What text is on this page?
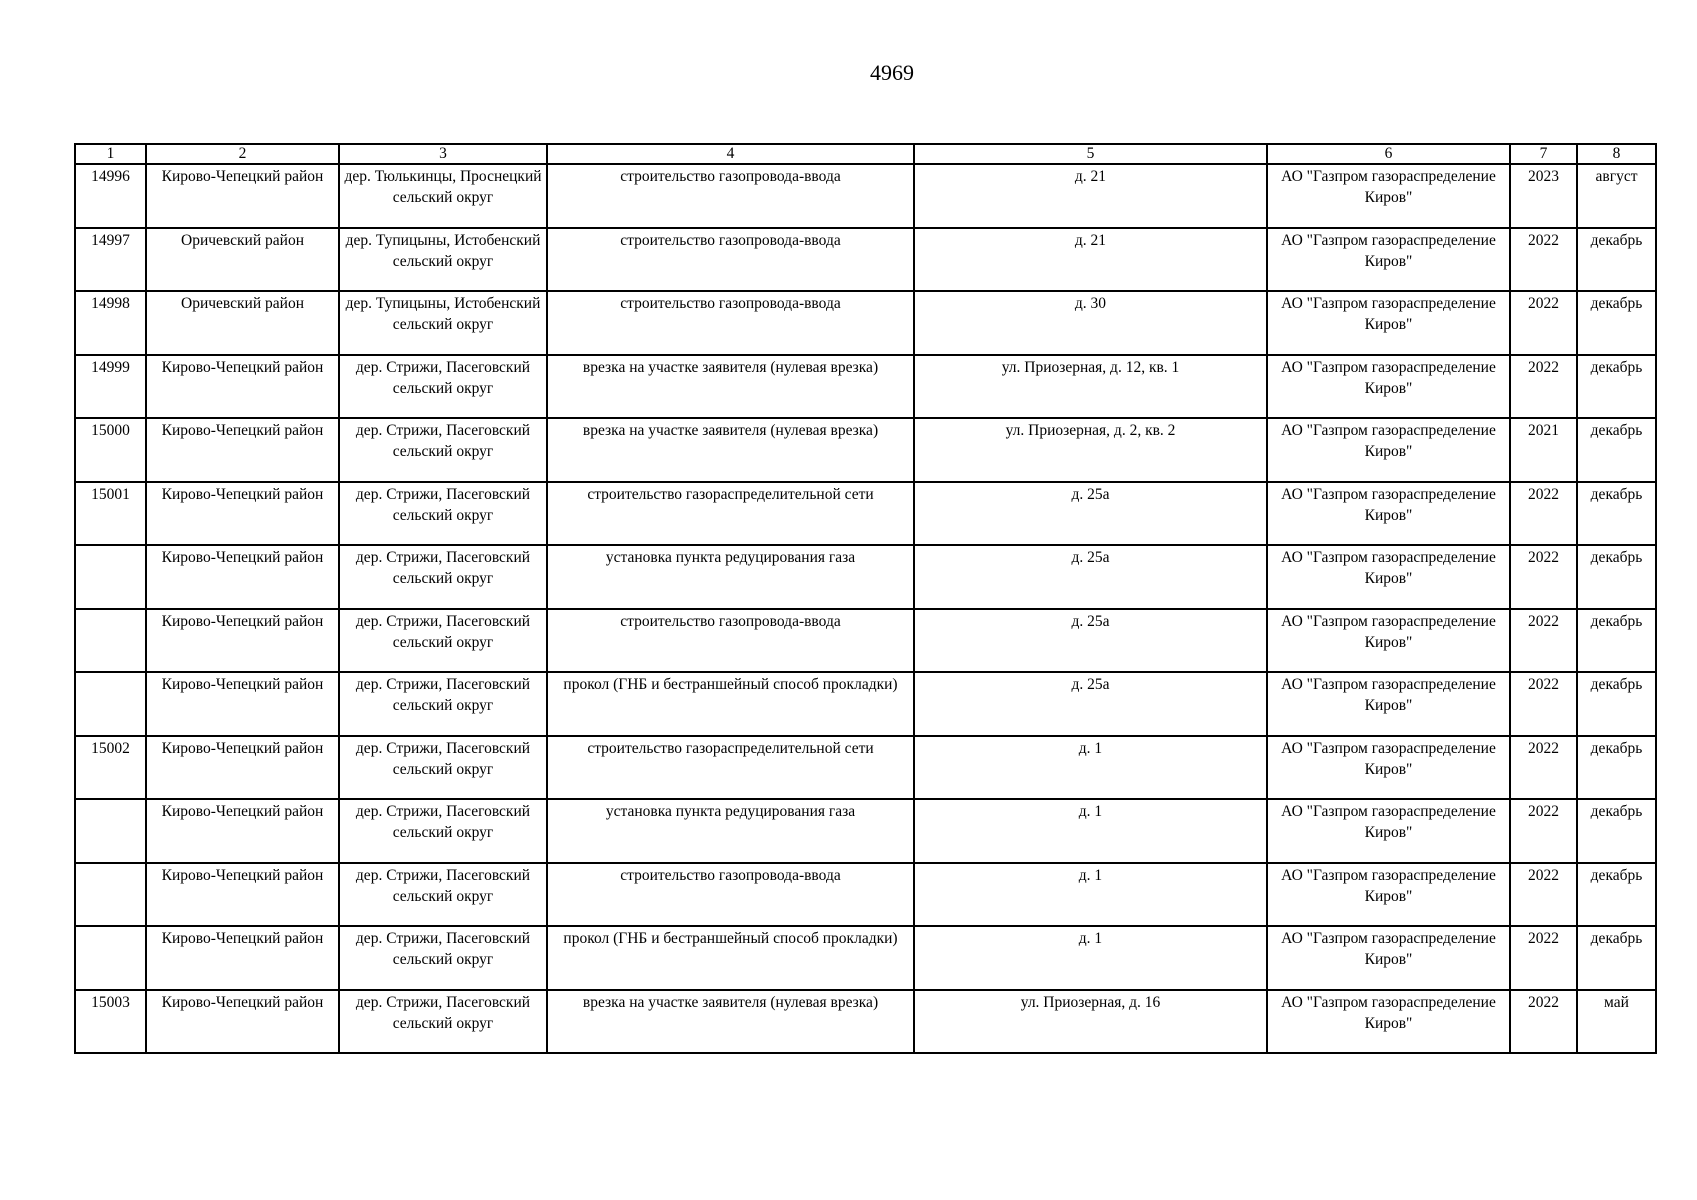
4969
1	2	3	4	5	6	7	8
14996	Кирово-Чепецкий район	дер. Тюлькинцы, Проснецкий сельский округ	строительство газопровода-ввода	д. 21	АО "Газпром газораспределение Киров"	2023	август
14997	Оричевский район	дер. Тупицыны, Истобенский сельский округ	строительство газопровода-ввода	д. 21	АО "Газпром газораспределение Киров"	2022	декабрь
14998	Оричевский район	дер. Тупицыны, Истобенский сельский округ	строительство газопровода-ввода	д. 30	АО "Газпром газораспределение Киров"	2022	декабрь
14999	Кирово-Чепецкий район	дер. Стрижи, Пасеговский сельский округ	врезка на участке заявителя (нулевая врезка)	ул. Приозерная, д. 12, кв. 1	АО "Газпром газораспределение Киров"	2022	декабрь
15000	Кирово-Чепецкий район	дер. Стрижи, Пасеговский сельский округ	врезка на участке заявителя (нулевая врезка)	ул. Приозерная, д. 2, кв. 2	АО "Газпром газораспределение Киров"	2021	декабрь
15001	Кирово-Чепецкий район	дер. Стрижи, Пасеговский сельский округ	строительство газораспределительной сети	д. 25а	АО "Газпром газораспределение Киров"	2022	декабрь
	Кирово-Чепецкий район	дер. Стрижи, Пасеговский сельский округ	установка пункта редуцирования газа	д. 25а	АО "Газпром газораспределение Киров"	2022	декабрь
	Кирово-Чепецкий район	дер. Стрижи, Пасеговский сельский округ	строительство газопровода-ввода	д. 25а	АО "Газпром газораспределение Киров"	2022	декабрь
	Кирово-Чепецкий район	дер. Стрижи, Пасеговский сельский округ	прокол (ГНБ и бестраншейный способ прокладки)	д. 25а	АО "Газпром газораспределение Киров"	2022	декабрь
15002	Кирово-Чепецкий район	дер. Стрижи, Пасеговский сельский округ	строительство газораспределительной сети	д. 1	АО "Газпром газораспределение Киров"	2022	декабрь
	Кирово-Чепецкий район	дер. Стрижи, Пасеговский сельский округ	установка пункта редуцирования газа	д. 1	АО "Газпром газораспределение Киров"	2022	декабрь
	Кирово-Чепецкий район	дер. Стрижи, Пасеговский сельский округ	строительство газопровода-ввода	д. 1	АО "Газпром газораспределение Киров"	2022	декабрь
	Кирово-Чепецкий район	дер. Стрижи, Пасеговский сельский округ	прокол (ГНБ и бестраншейный способ прокладки)	д. 1	АО "Газпром газораспределение Киров"	2022	декабрь
15003	Кирово-Чепецкий район	дер. Стрижи, Пасеговский сельский округ	врезка на участке заявителя (нулевая врезка)	ул. Приозерная, д. 16	АО "Газпром газораспределение Киров"	2022	май
